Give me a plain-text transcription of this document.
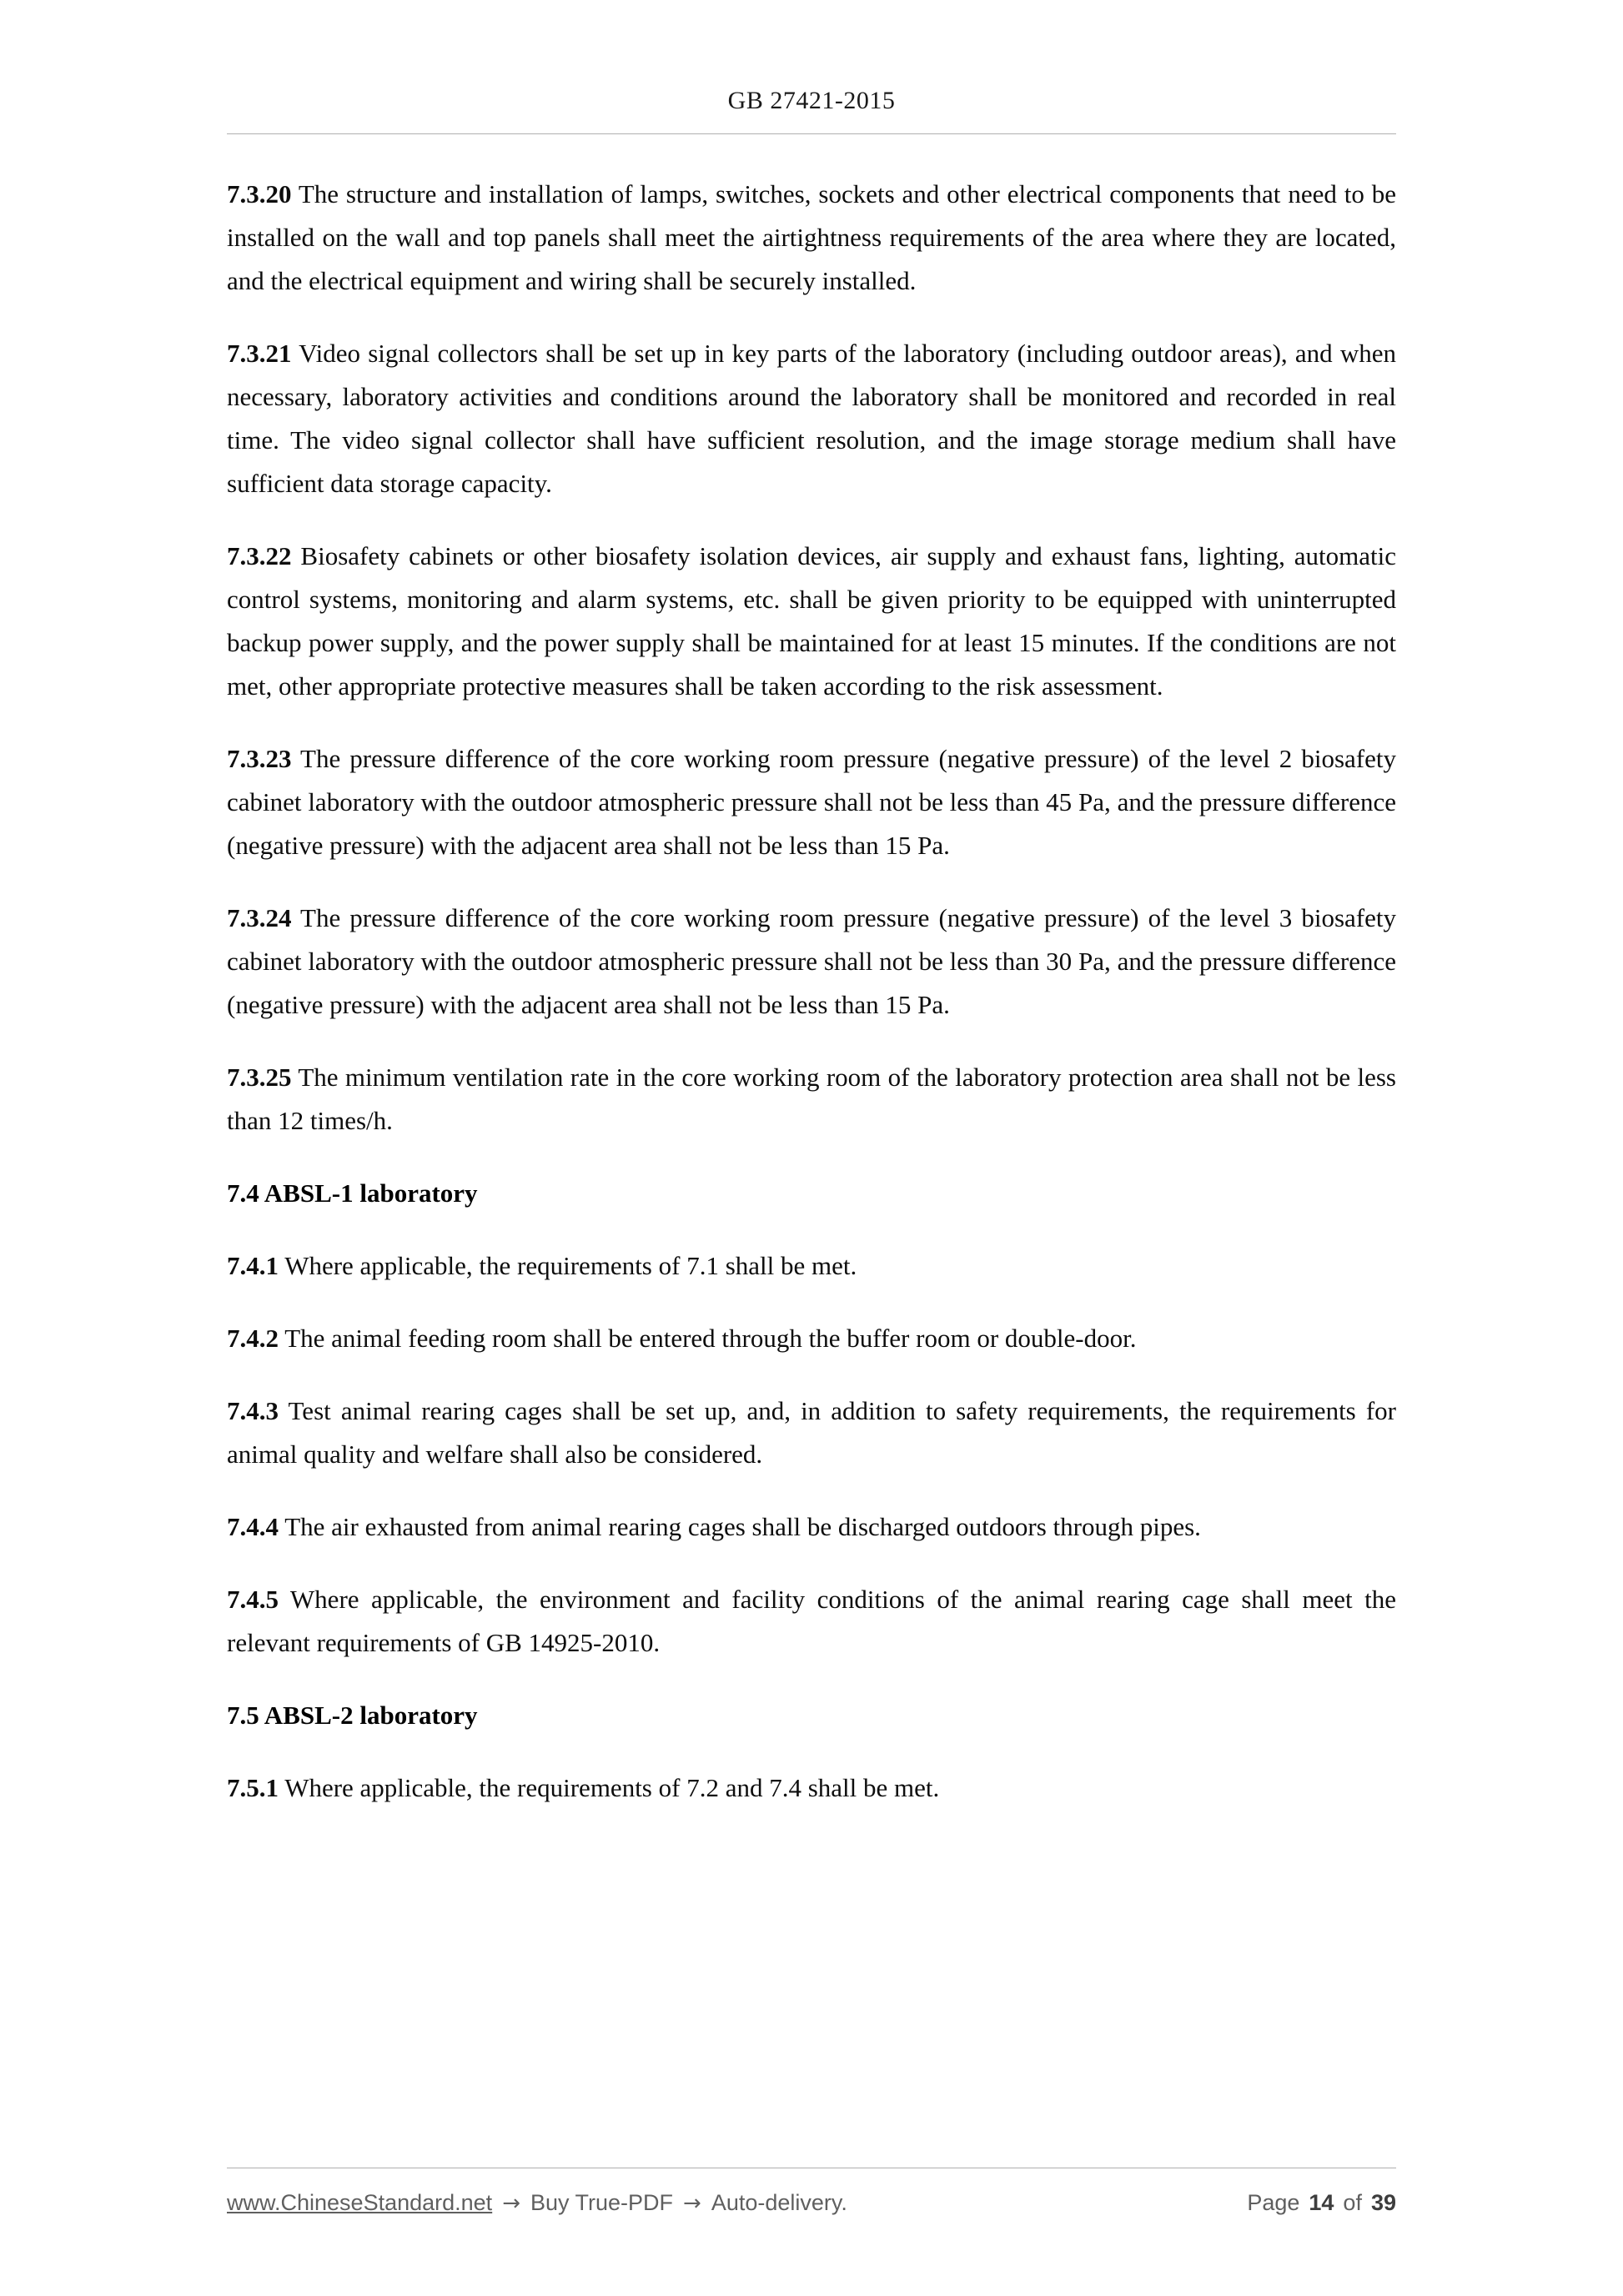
GB 27421-2015

7.3.20 The structure and installation of lamps, switches, sockets and other electrical components that need to be installed on the wall and top panels shall meet the airtightness requirements of the area where they are located, and the electrical equipment and wiring shall be securely installed.

7.3.21 Video signal collectors shall be set up in key parts of the laboratory (including outdoor areas), and when necessary, laboratory activities and conditions around the laboratory shall be monitored and recorded in real time. The video signal collector shall have sufficient resolution, and the image storage medium shall have sufficient data storage capacity.

7.3.22 Biosafety cabinets or other biosafety isolation devices, air supply and exhaust fans, lighting, automatic control systems, monitoring and alarm systems, etc. shall be given priority to be equipped with uninterrupted backup power supply, and the power supply shall be maintained for at least 15 minutes. If the conditions are not met, other appropriate protective measures shall be taken according to the risk assessment.

7.3.23 The pressure difference of the core working room pressure (negative pressure) of the level 2 biosafety cabinet laboratory with the outdoor atmospheric pressure shall not be less than 45 Pa, and the pressure difference (negative pressure) with the adjacent area shall not be less than 15 Pa.

7.3.24 The pressure difference of the core working room pressure (negative pressure) of the level 3 biosafety cabinet laboratory with the outdoor atmospheric pressure shall not be less than 30 Pa, and the pressure difference (negative pressure) with the adjacent area shall not be less than 15 Pa.

7.3.25 The minimum ventilation rate in the core working room of the laboratory protection area shall not be less than 12 times/h.

7.4 ABSL-1 laboratory

7.4.1 Where applicable, the requirements of 7.1 shall be met.

7.4.2 The animal feeding room shall be entered through the buffer room or double-door.

7.4.3 Test animal rearing cages shall be set up, and, in addition to safety requirements, the requirements for animal quality and welfare shall also be considered.

7.4.4 The air exhausted from animal rearing cages shall be discharged outdoors through pipes.

7.4.5 Where applicable, the environment and facility conditions of the animal rearing cage shall meet the relevant requirements of GB 14925-2010.

7.5 ABSL-2 laboratory

7.5.1 Where applicable, the requirements of 7.2 and 7.4 shall be met.

www.ChineseStandard.net → Buy True-PDF → Auto-delivery.	Page 14 of 39
